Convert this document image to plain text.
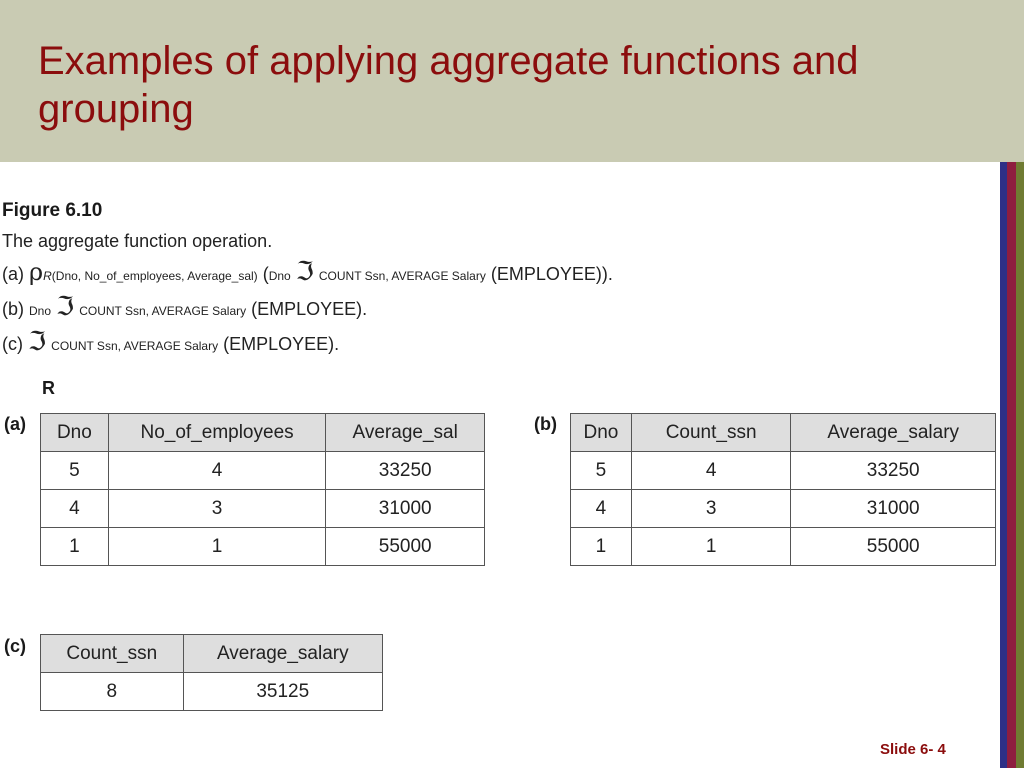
Examples of applying aggregate functions and grouping
Figure 6.10
The aggregate function operation.
(a) ρR(Dno, No_of_employees, Average_sal) (Dno ℑ COUNT Ssn, AVERAGE Salary (EMPLOYEE)).
(b) Dno ℑ COUNT Ssn, AVERAGE Salary (EMPLOYEE).
(c) ℑ COUNT Ssn, AVERAGE Salary (EMPLOYEE).
R
(a) Dno	No_of_employees	Average_sal
5	4	33250
4	3	31000
1	1	55000
(b) Dno	Count_ssn	Average_salary
5	4	33250
4	3	31000
1	1	55000
(c) Count_ssn	Average_salary
8	35125
Slide 6- 4
